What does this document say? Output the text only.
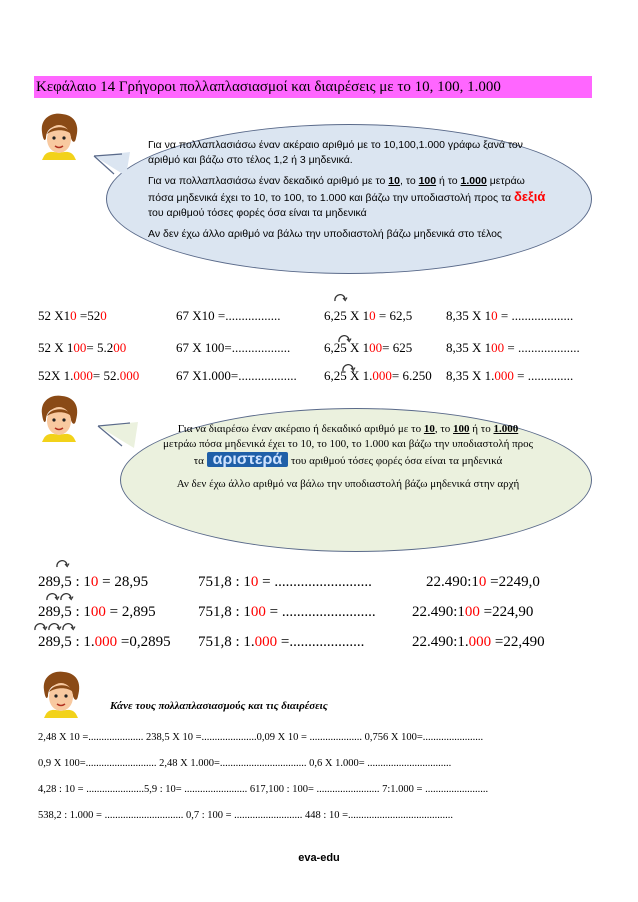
Κεφάλαιο 14 Γρήγοροι πολλαπλασιασμοί και διαιρέσεις με το 10, 100, 1.000

Για να πολλαπλασιάσω έναν ακέραιο αριθμό με το 10,100,1.000 γράφω ξανά τον αριθμό και βάζω στο τέλος 1,2 ή 3 μηδενικά.

Για να πολλαπλασιάσω έναν δεκαδικό αριθμό με το 10, το 100 ή το 1.000 μετράω πόσα μηδενικά έχει το 10, το 100, το 1.000 και βάζω την υποδιαστολή προς τα δεξιά του αριθμού τόσες φορές όσα είναι τα μηδενικά

Αν δεν έχω άλλο αριθμό να βάλω την υποδιαστολή βάζω μηδενικά στο τέλος

52 X10 =520	67 X10 =.................	6,25 X 10 = 62,5	8,35 X 10 = ...................
52 X 100= 5.200	67 X 100=..................	6,25 X 100= 625	8,35 X 100 = ...................
52X 1.000= 52.000	67 X1.000=.................. 6,25 X 1.000= 6.250 8,35 X 1.000 = ..............

Για να διαιρέσω έναν ακέραιο ή δεκαδικό αριθμό με το 10, το 100 ή το 1.000 μετράω πόσα μηδενικά έχει το 10, το 100, το 1.000 και βάζω την υποδιαστολή προς τα αριστερά του αριθμού τόσες φορές όσα είναι τα μηδενικά

Αν δεν έχω άλλο αριθμό να βάλω την υποδιαστολή βάζω μηδενικά στην αρχή

289,5 : 10 = 28,95	751,8 : 10 = ..........................	22.490:10 =2249,0
289,5 : 100 = 2,895	751,8 : 100 = ......................... 22.490:100 =224,90
289,5 : 1.000 =0,2895 751,8 : 1.000 =....................	22.490:1.000 =22,490
Κάνε τους πολλαπλασιασμούς και τις διαιρέσεις
2,48 X 10 =..................... 238,5 X 10 =.....................0,09 X 10 = .................... 0,756 X 100=.......................
0,9 X 100=........................... 2,48 X 1.000=................................. 0,6 X 1.000= ................................
4,28 : 10 = ......................5,9 : 10= ........................ 617,100 : 100= ........................ 7:1.000 = ........................
538,2 : 1.000 = .............................. 0,7 : 100 = .......................... 448 : 10 =........................................
eva-edu
